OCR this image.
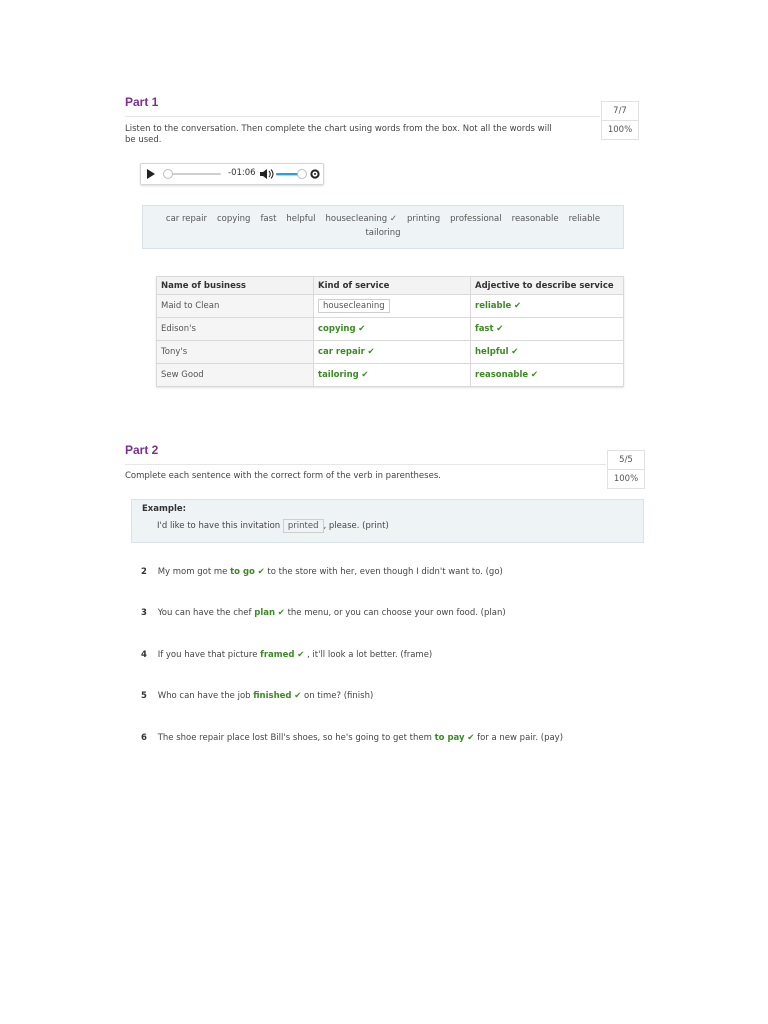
Part 1
7/7
100%
Listen to the conversation. Then complete the chart using words from the box. Not all the words will be used.
-01:06
car repair copying fast helpful housecleaning ✓ printing professional reasonable reliable
tailoring
Name of business	Kind of service	Adjective to describe service
Maid to Clean	housecleaning	reliable ✔
Edison's	copying ✔	fast ✔
Tony's	car repair ✔	helpful ✔
Sew Good	tailoring ✔	reasonable ✔
Part 2
5/5
100%
Complete each sentence with the correct form of the verb in parentheses.
Example:
I'd like to have this invitation printed , please. (print)
2 My mom got me to go ✔ to the store with her, even though I didn't want to. (go)
3 You can have the chef plan ✔ the menu, or you can choose your own food. (plan)
4 If you have that picture framed ✔ , it'll look a lot better. (frame)
5 Who can have the job finished ✔ on time? (finish)
6 The shoe repair place lost Bill's shoes, so he's going to get them to pay ✔ for a new pair. (pay)
